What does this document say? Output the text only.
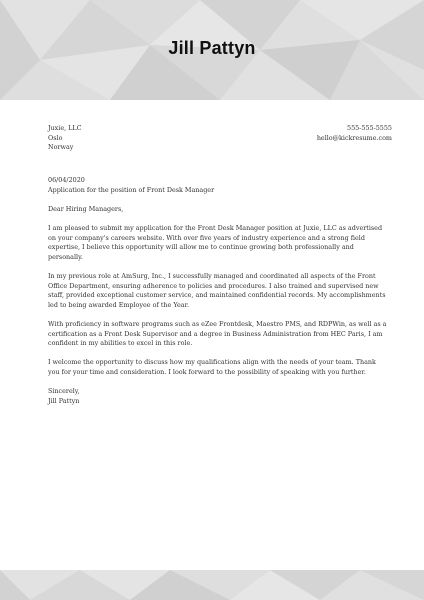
Jill Pattyn
Juxie, LLC
Oslo
Norway
555-555-5555
hello@kickresume.com
06/04/2020
Application for the position of Front Desk Manager

Dear Hiring Managers,

I am pleased to submit my application for the Front Desk Manager position at Juxie, LLC as advertised on your company's careers website. With over five years of industry experience and a strong field expertise, I believe this opportunity will allow me to continue growing both professionally and personally.

In my previous role at AmSurg, Inc., I successfully managed and coordinated all aspects of the Front Office Department, ensuring adherence to policies and procedures. I also trained and supervised new staff, provided exceptional customer service, and maintained confidential records. My accomplishments led to being awarded Employee of the Year.

With proficiency in software programs such as eZee Frontdesk, Maestro PMS, and RDPWin, as well as a certification as a Front Desk Supervisor and a degree in Business Administration from HEC Paris, I am confident in my abilities to excel in this role.

I welcome the opportunity to discuss how my qualifications align with the needs of your team. Thank you for your time and consideration. I look forward to the possibility of speaking with you further.

Sincerely,
Jill Pattyn
